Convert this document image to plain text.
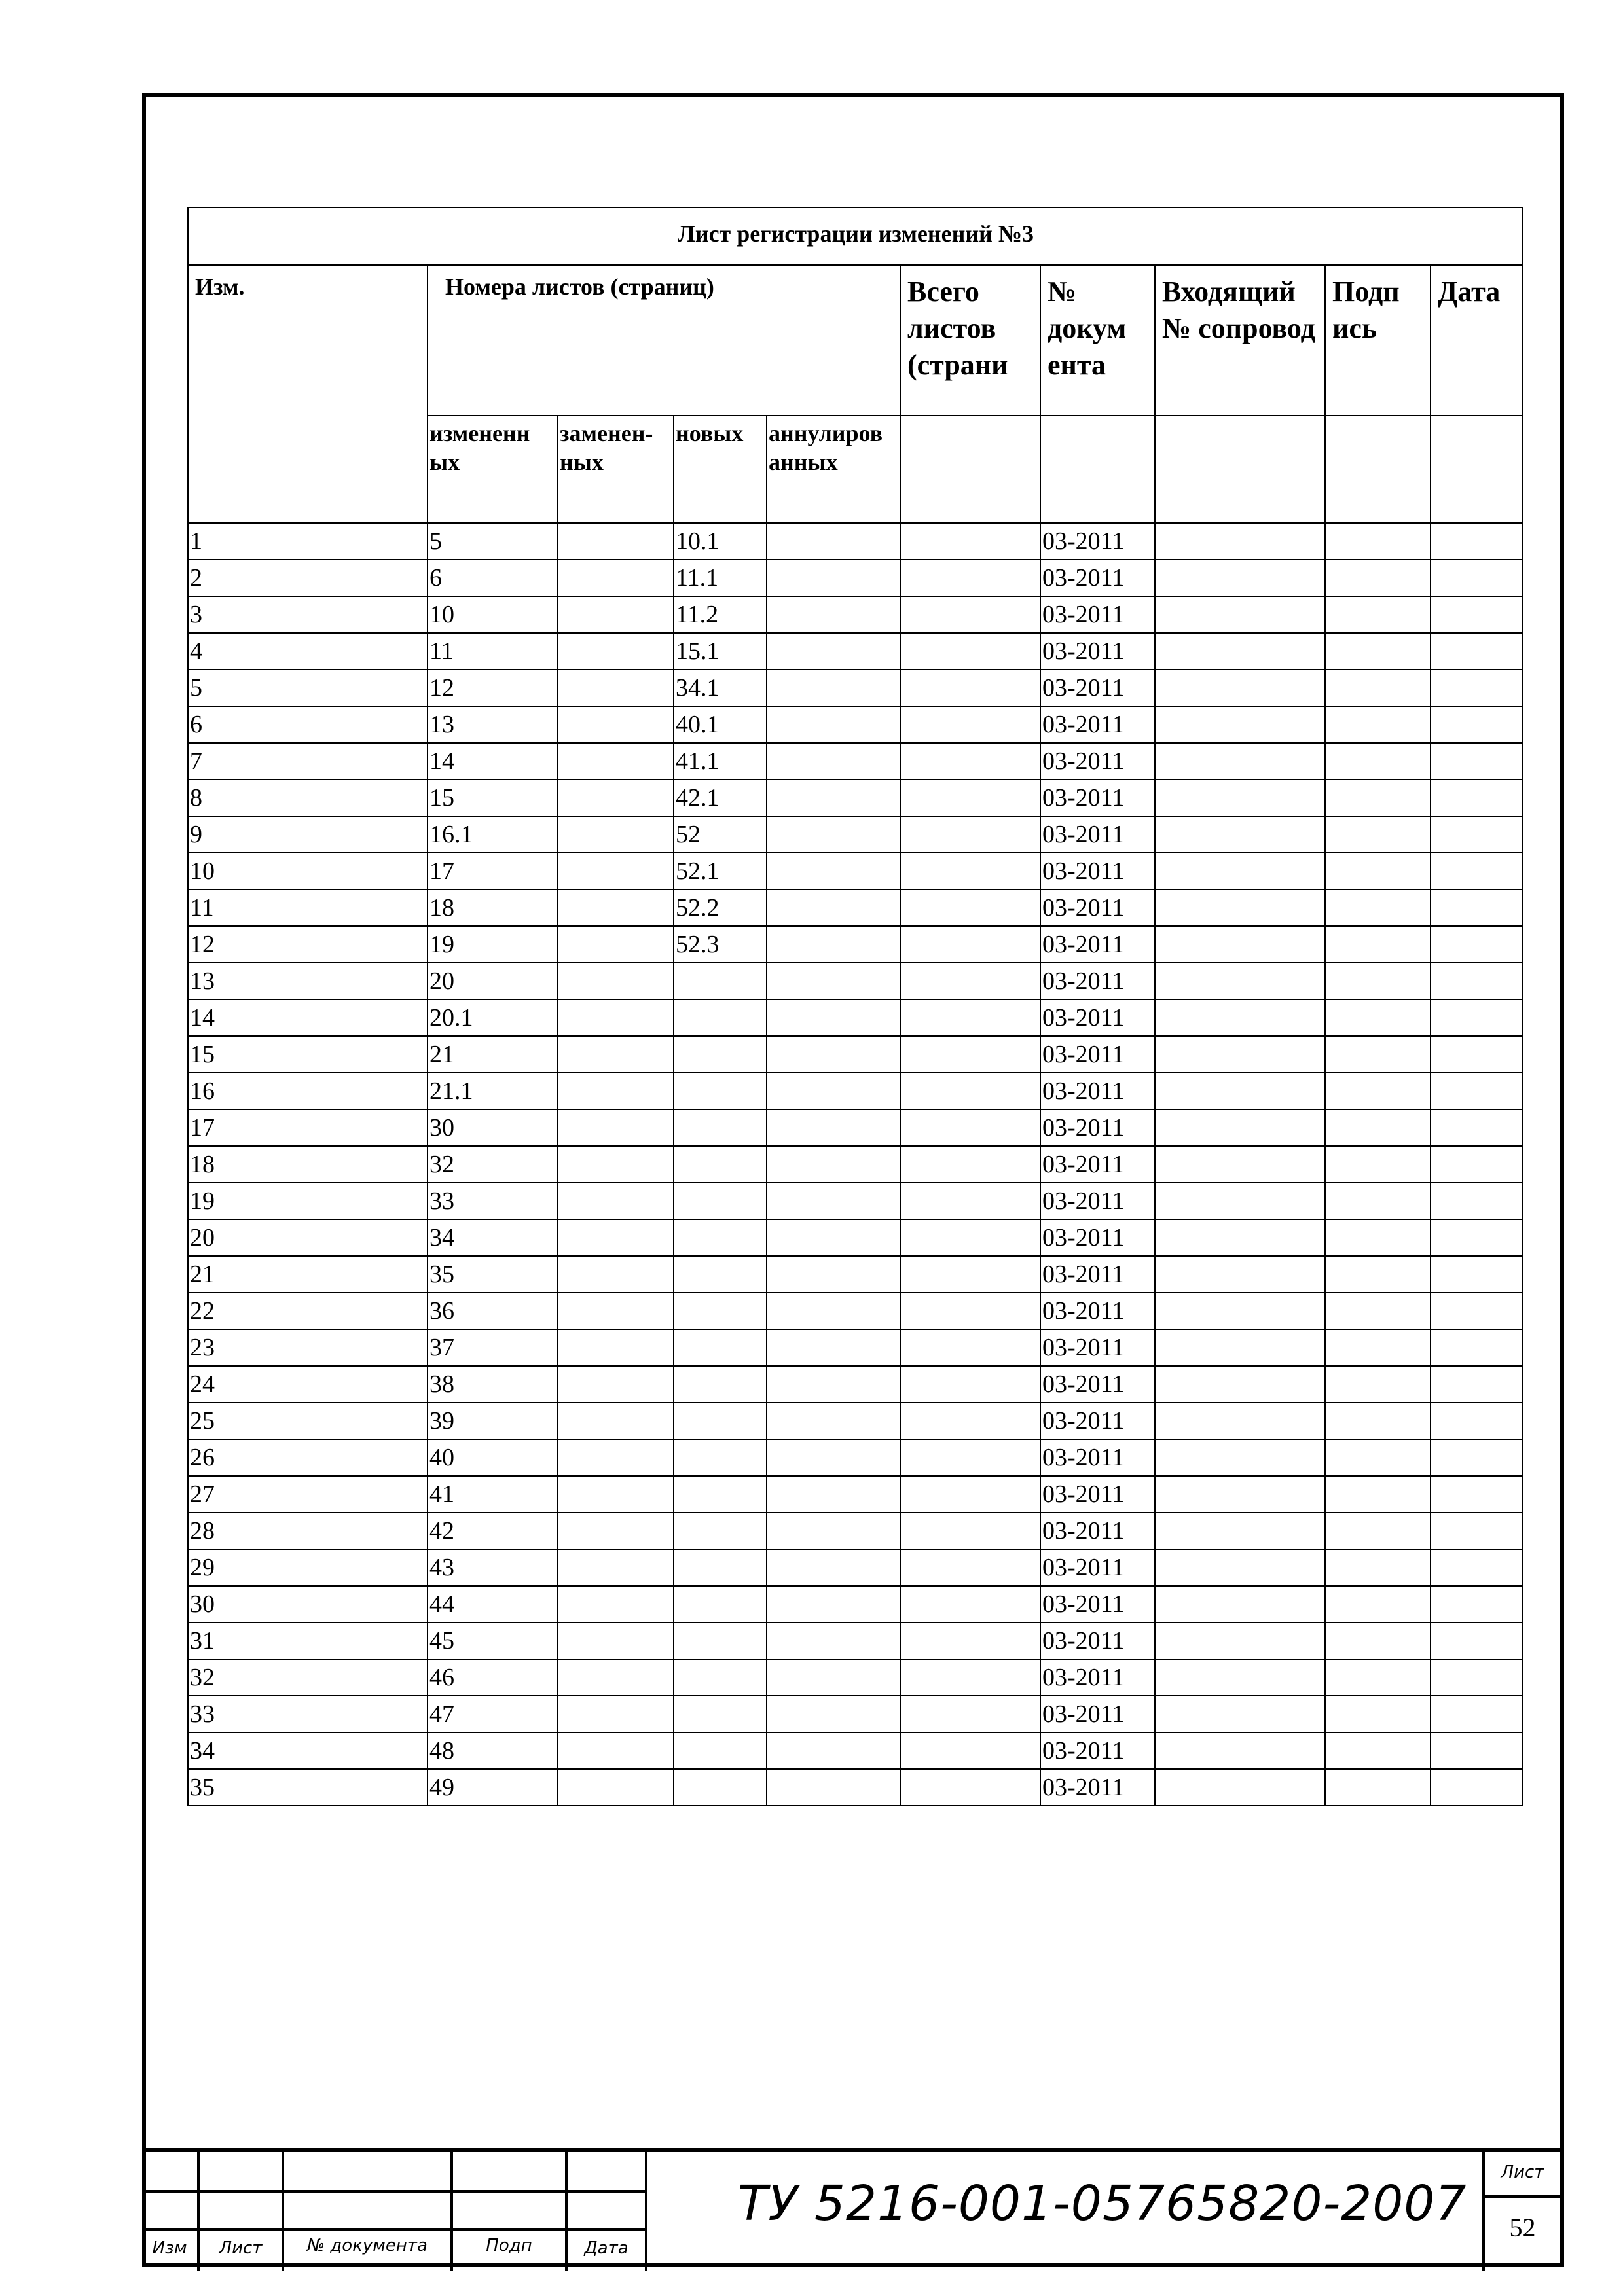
Лист регистрации изменений №3									
Изм.	Номера листов (страниц)				Всего листов (страни	№ докум ента	Входящий № сопровод	Подп ись	Дата
	измененн ых	заменен- ных	новых	аннулиров анных					
1	5		10.1			03-2011			
2	6		11.1			03-2011			
3	10		11.2			03-2011			
4	11		15.1			03-2011			
5	12		34.1			03-2011			
6	13		40.1			03-2011			
7	14		41.1			03-2011			
8	15		42.1			03-2011			
9	16.1		52			03-2011			
10	17		52.1			03-2011			
11	18		52.2			03-2011			
12	19		52.3			03-2011			
13	20					03-2011			
14	20.1					03-2011			
15	21					03-2011			
16	21.1					03-2011			
17	30					03-2011			
18	32					03-2011			
19	33					03-2011			
20	34					03-2011			
21	35					03-2011			
22	36					03-2011			
23	37					03-2011			
24	38					03-2011			
25	39					03-2011			
26	40					03-2011			
27	41					03-2011			
28	42					03-2011			
29	43					03-2011			
30	44					03-2011			
31	45					03-2011			
32	46					03-2011			
33	47					03-2011			
34	48					03-2011			
35	49					03-2011			
Изм	Лист	№ документа	Подп	Дата
ТУ 5216-001-05765820-2007
Лист
52
